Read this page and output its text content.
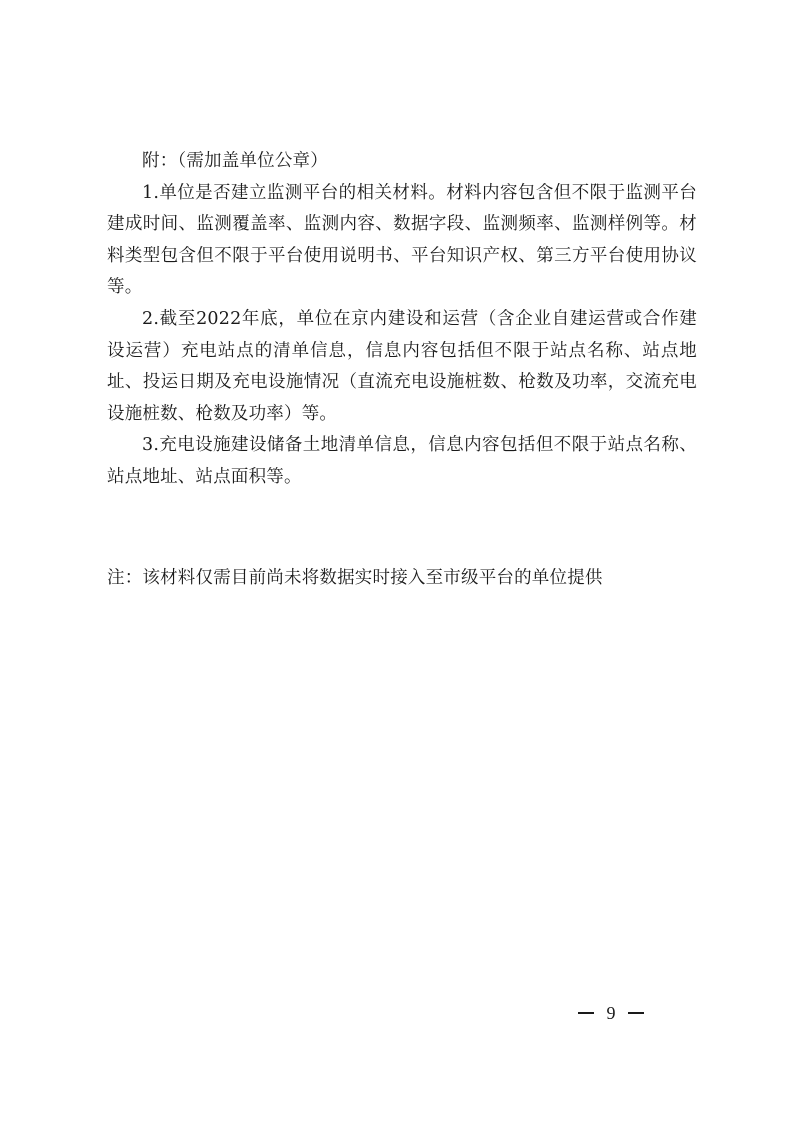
附：（需加盖单位公章）

1.单位是否建立监测平台的相关材料。材料内容包含但不限于监测平台建成时间、监测覆盖率、监测内容、数据字段、监测频率、监测样例等。材料类型包含但不限于平台使用说明书、平台知识产权、第三方平台使用协议等。

2.截至2022年底，单位在京内建设和运营（含企业自建运营或合作建设运营）充电站点的清单信息，信息内容包括但不限于站点名称、站点地址、投运日期及充电设施情况（直流充电设施桩数、枪数及功率，交流充电设施桩数、枪数及功率）等。

3.充电设施建设储备土地清单信息，信息内容包括但不限于站点名称、站点地址、站点面积等。

注：该材料仅需目前尚未将数据实时接入至市级平台的单位提供
9
